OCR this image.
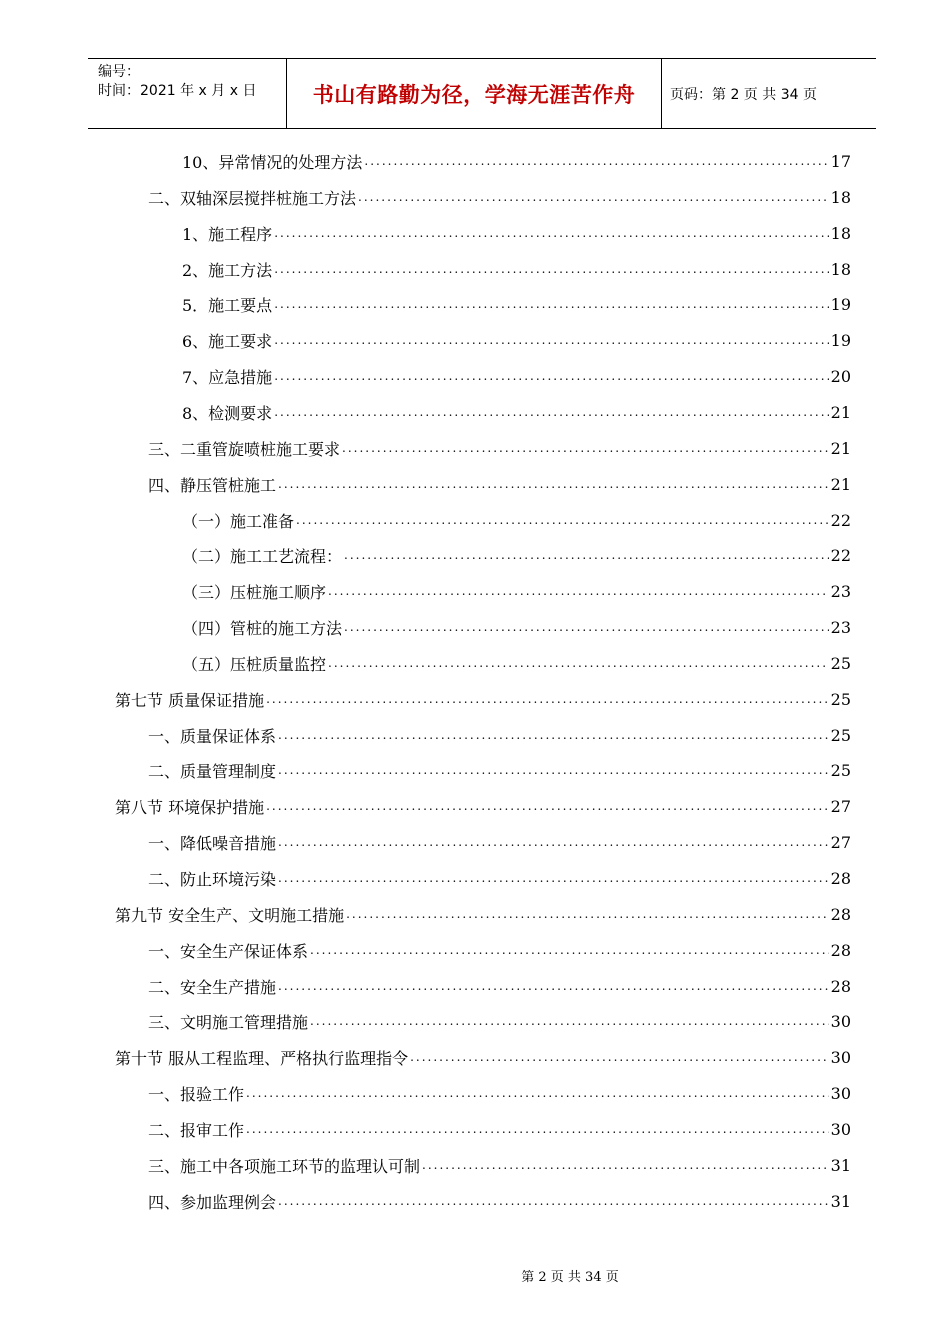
编号：
时间：2021 年 x 月 x 日	书山有路勤为径，学海无涯苦作舟	页码：第 2 页 共 34 页
10、异常情况的处理方法 .....	17
二、双轴深层搅拌桩施工方法 .....	18
1、施工程序 .....	18
2、施工方法 .....	18
5．施工要点 .....	19
6、施工要求 .....	19
7、应急措施 .....	20
8、检测要求 .....	21
三、二重管旋喷桩施工要求 .....	21
四、静压管桩施工 .....	21
（一）施工准备 .....	22
（二）施工工艺流程： .....	22
（三）压桩施工顺序 .....	23
（四）管桩的施工方法 .....	23
（五）压桩质量监控 .....	25
第七节 质量保证措施 .....	25
一、质量保证体系 .....	25
二、质量管理制度 .....	25
第八节 环境保护措施 .....	27
一、降低噪音措施 .....	27
二、防止环境污染 .....	28
第九节 安全生产、文明施工措施 .....	28
一、安全生产保证体系 .....	28
二、安全生产措施 .....	28
三、文明施工管理措施 .....	30
第十节 服从工程监理、严格执行监理指令 .....	30
一、报验工作 .....	30
二、报审工作 .....	30
三、施工中各项施工环节的监理认可制 .....	31
四、参加监理例会 .....	31
第 2 页 共 34 页
